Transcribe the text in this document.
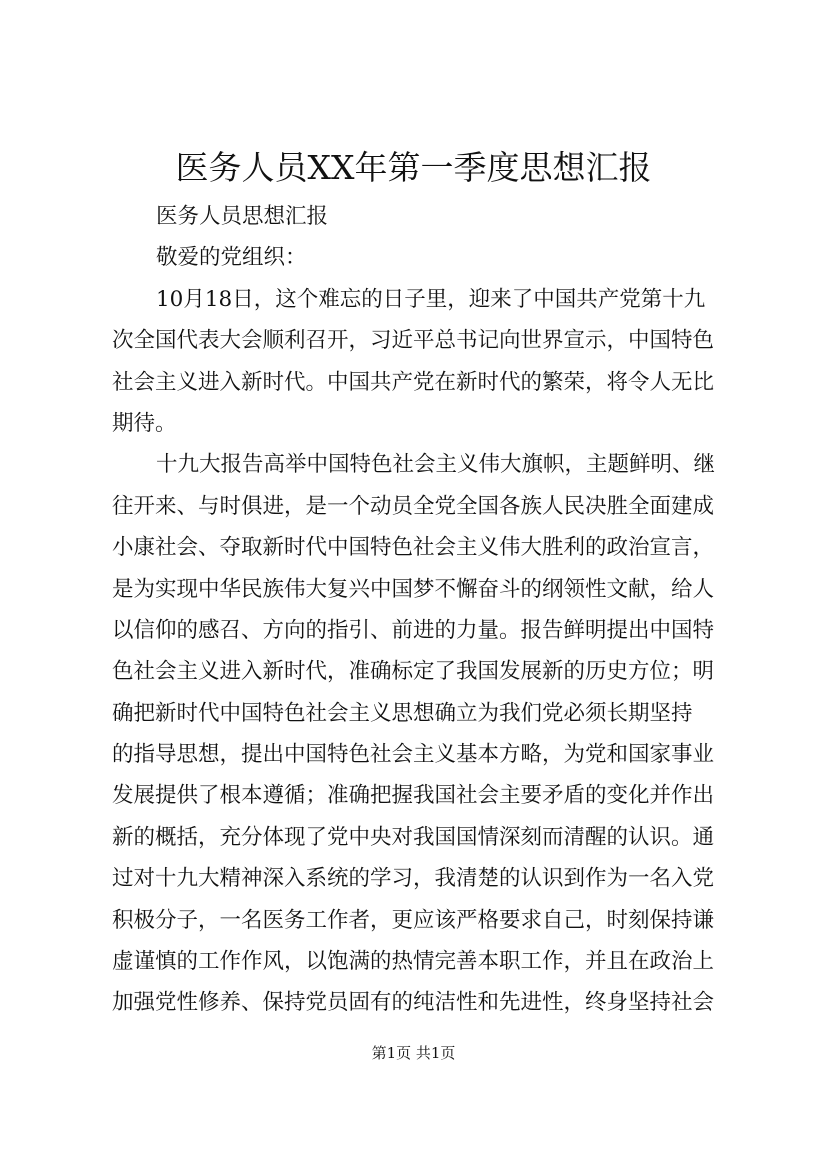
医务人员XX年第一季度思想汇报
医务人员思想汇报
敬爱的党组织：
10月18日，这个难忘的日子里，迎来了中国共产党第十九
次全国代表大会顺利召开，习近平总书记向世界宣示，中国特色
社会主义进入新时代。中国共产党在新时代的繁荣，将令人无比
期待。
十九大报告高举中国特色社会主义伟大旗帜，主题鲜明、继
往开来、与时俱进，是一个动员全党全国各族人民决胜全面建成
小康社会、夺取新时代中国特色社会主义伟大胜利的政治宣言，
是为实现中华民族伟大复兴中国梦不懈奋斗的纲领性文献，给人
以信仰的感召、方向的指引、前进的力量。报告鲜明提出中国特
色社会主义进入新时代，准确标定了我国发展新的历史方位；明
确把新时代中国特色社会主义思想确立为我们党必须长期坚持
的指导思想，提出中国特色社会主义基本方略，为党和国家事业
发展提供了根本遵循；准确把握我国社会主要矛盾的变化并作出
新的概括，充分体现了党中央对我国国情深刻而清醒的认识。通
过对十九大精神深入系统的学习，我清楚的认识到作为一名入党
积极分子，一名医务工作者，更应该严格要求自己，时刻保持谦
虚谨慎的工作作风，以饱满的热情完善本职工作，并且在政治上
加强党性修养、保持党员固有的纯洁性和先进性，终身坚持社会
第1页 共1页
